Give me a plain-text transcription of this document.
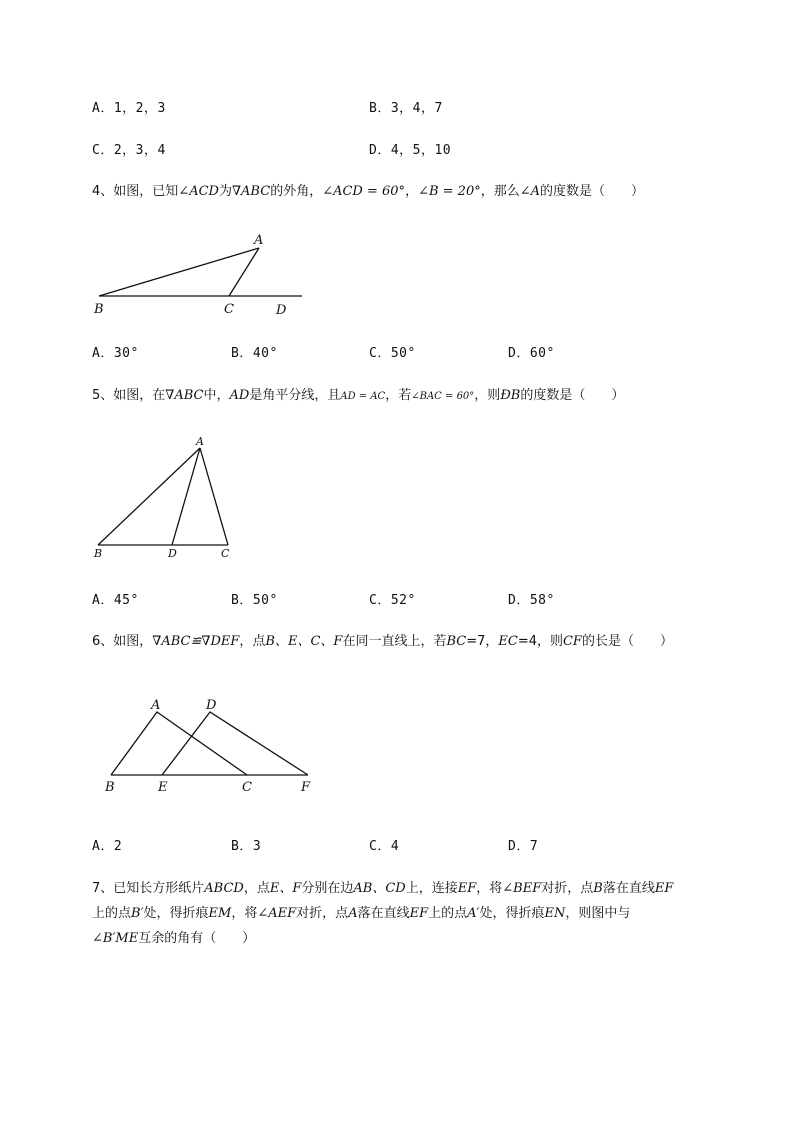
A．1，2，3	B．3，4，7
C．2，3，4	D．4，5，10
4、如图，已知∠ACD为∇ABC的外角，∠ACD = 60°，∠B = 20°，那么∠A的度数是（　　）
A
B	C	D
A．30°	B．40°	C．50°	D．60°
5、如图，在∇ABC中，AD是角平分线，且AD = AC，若∠BAC = 60°，则ÐB的度数是（　　）
A
B	D	C
A．45°	B．50°	C．52°	D．58°
6、如图，∇ABC≌∇DEF，点B、E、C、F在同一直线上，若BC=7，EC=4，则CF的长是（　　）
A	D
B	E	C	F
A．2	B．3	C．4	D．7
7、已知长方形纸片ABCD，点E、F分别在边AB、CD上，连接EF，将∠BEF对折，点B落在直线EF
上的点B′处，得折痕EM，将∠AEF对折，点A落在直线EF上的点A′处，得折痕EN，则图中与
∠B′ME互余的角有（　　）
